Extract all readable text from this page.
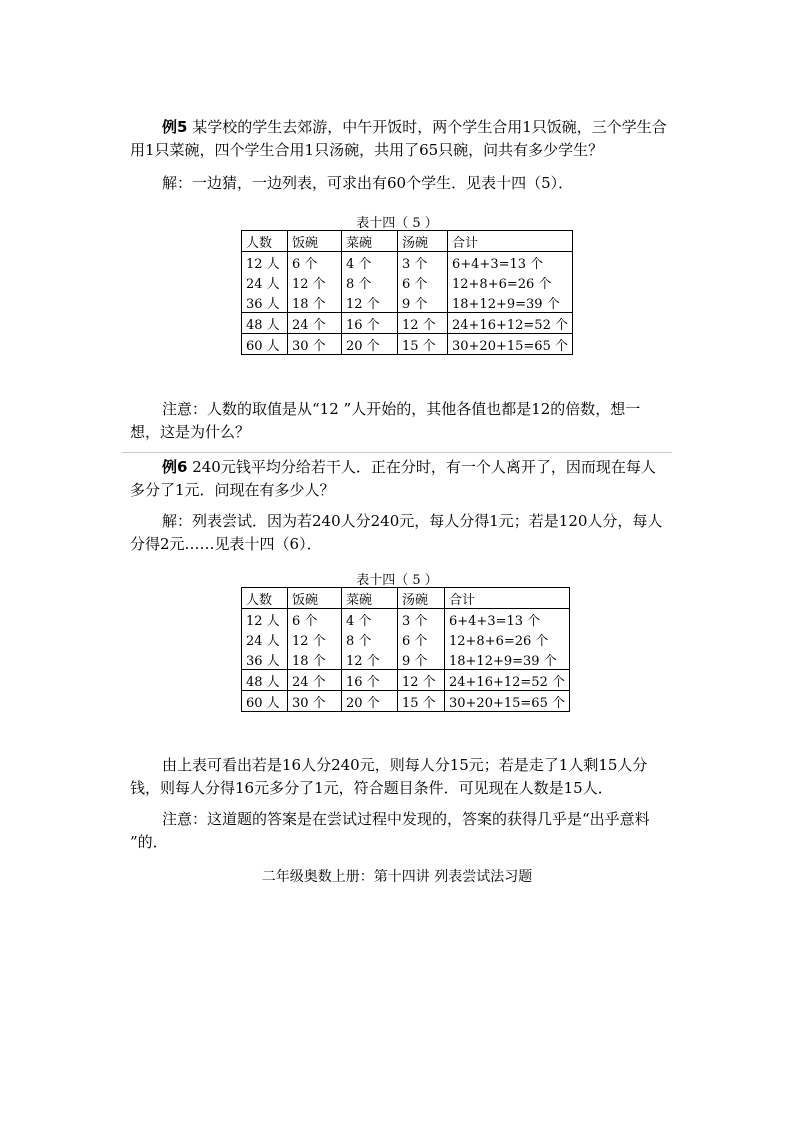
例5 某学校的学生去郊游，中午开饭时，两个学生合用1只饭碗，三个学生合用1只菜碗，四个学生合用1只汤碗，共用了65只碗，问共有多少学生？

解：一边猜，一边列表，可求出有60个学生．见表十四（5）．

表十四（ 5 ）
人数	饭碗	菜碗	汤碗	合计
12 人	6 个	4 个	3 个	6+4+3=13 个
24 人	12 个	8 个	6 个	12+8+6=26 个
36 人	18 个	12 个	9 个	18+12+9=39 个
48 人	24 个	16 个	12 个	24+16+12=52 个
60 人	30 个	20 个	15 个	30+20+15=65 个

注意：人数的取值是从“12 ”人开始的，其他各值也都是12的倍数，想一想，这是为什么？

例6 240元钱平均分给若干人．正在分时，有一个人离开了，因而现在每人多分了1元．问现在有多少人？

解：列表尝试．因为若240人分240元，每人分得1元；若是120人分，每人分得2元……见表十四（6）．

表十四（ 5 ）
人数	饭碗	菜碗	汤碗	合计
12 人	6 个	4 个	3 个	6+4+3=13 个
24 人	12 个	8 个	6 个	12+8+6=26 个
36 人	18 个	12 个	9 个	18+12+9=39 个
48 人	24 个	16 个	12 个	24+16+12=52 个
60 人	30 个	20 个	15 个	30+20+15=65 个

由上表可看出若是16人分240元，则每人分15元；若是走了1人剩15人分钱，则每人分得16元多分了1元，符合题目条件．可见现在人数是15人．

注意：这道题的答案是在尝试过程中发现的，答案的获得几乎是“出乎意料 ”的．

二年级奥数上册：第十四讲 列表尝试法习题
